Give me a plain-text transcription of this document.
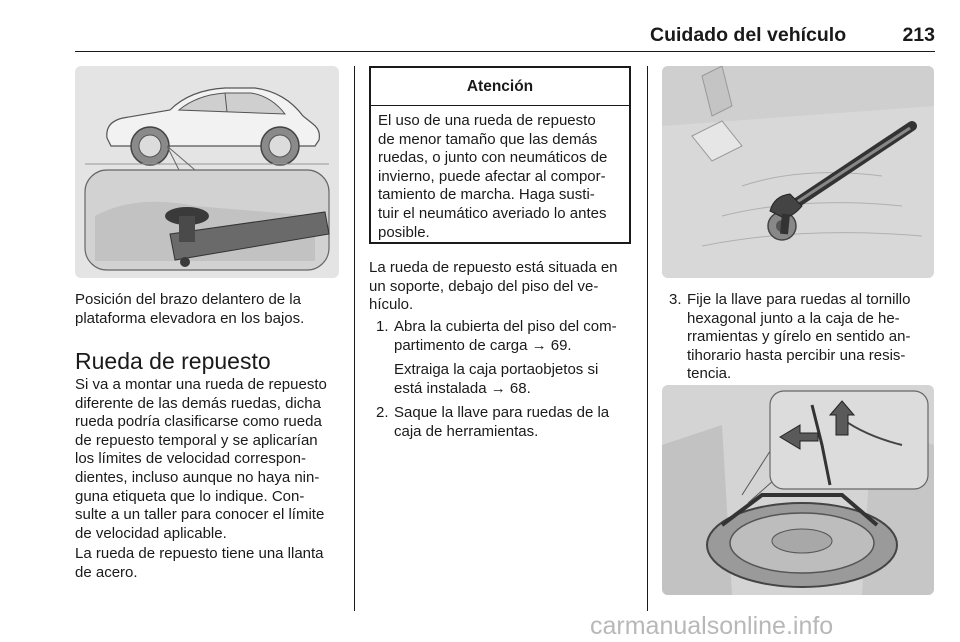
Cuidado del vehículo	213

Posición del brazo delantero de la

plataforma elevadora en los bajos.

Rueda de repuesto

Si va a montar una rueda de repuesto

diferente de las demás ruedas, dicha

rueda podría clasificarse como rueda

de repuesto temporal y se aplicarían

los límites de velocidad correspon-

dientes, incluso aunque no haya nin-

guna etiqueta que lo indique. Con-

sulte a un taller para conocer el límite

de velocidad aplicable.

La rueda de repuesto tiene una llanta

de acero.

Atención

El uso de una rueda de repuesto

de menor tamaño que las demás

ruedas, o junto con neumáticos de

invierno, puede afectar al compor-

tamiento de marcha. Haga susti-

tuir el neumático averiado lo antes

posible.

La rueda de repuesto está situada en

un soporte, debajo del piso del ve-

hículo.

1. Abra la cubierta del piso del com-

partimento de carga → 69.

Extraiga la caja portaobjetos si

está instalada → 68.

2. Saque la llave para ruedas de la

caja de herramientas.

3. Fije la llave para ruedas al tornillo

hexagonal junto a la caja de he-

rramientas y gírelo en sentido an-

tihorario hasta percibir una resis-

tencia.

carmanualsonline.info
